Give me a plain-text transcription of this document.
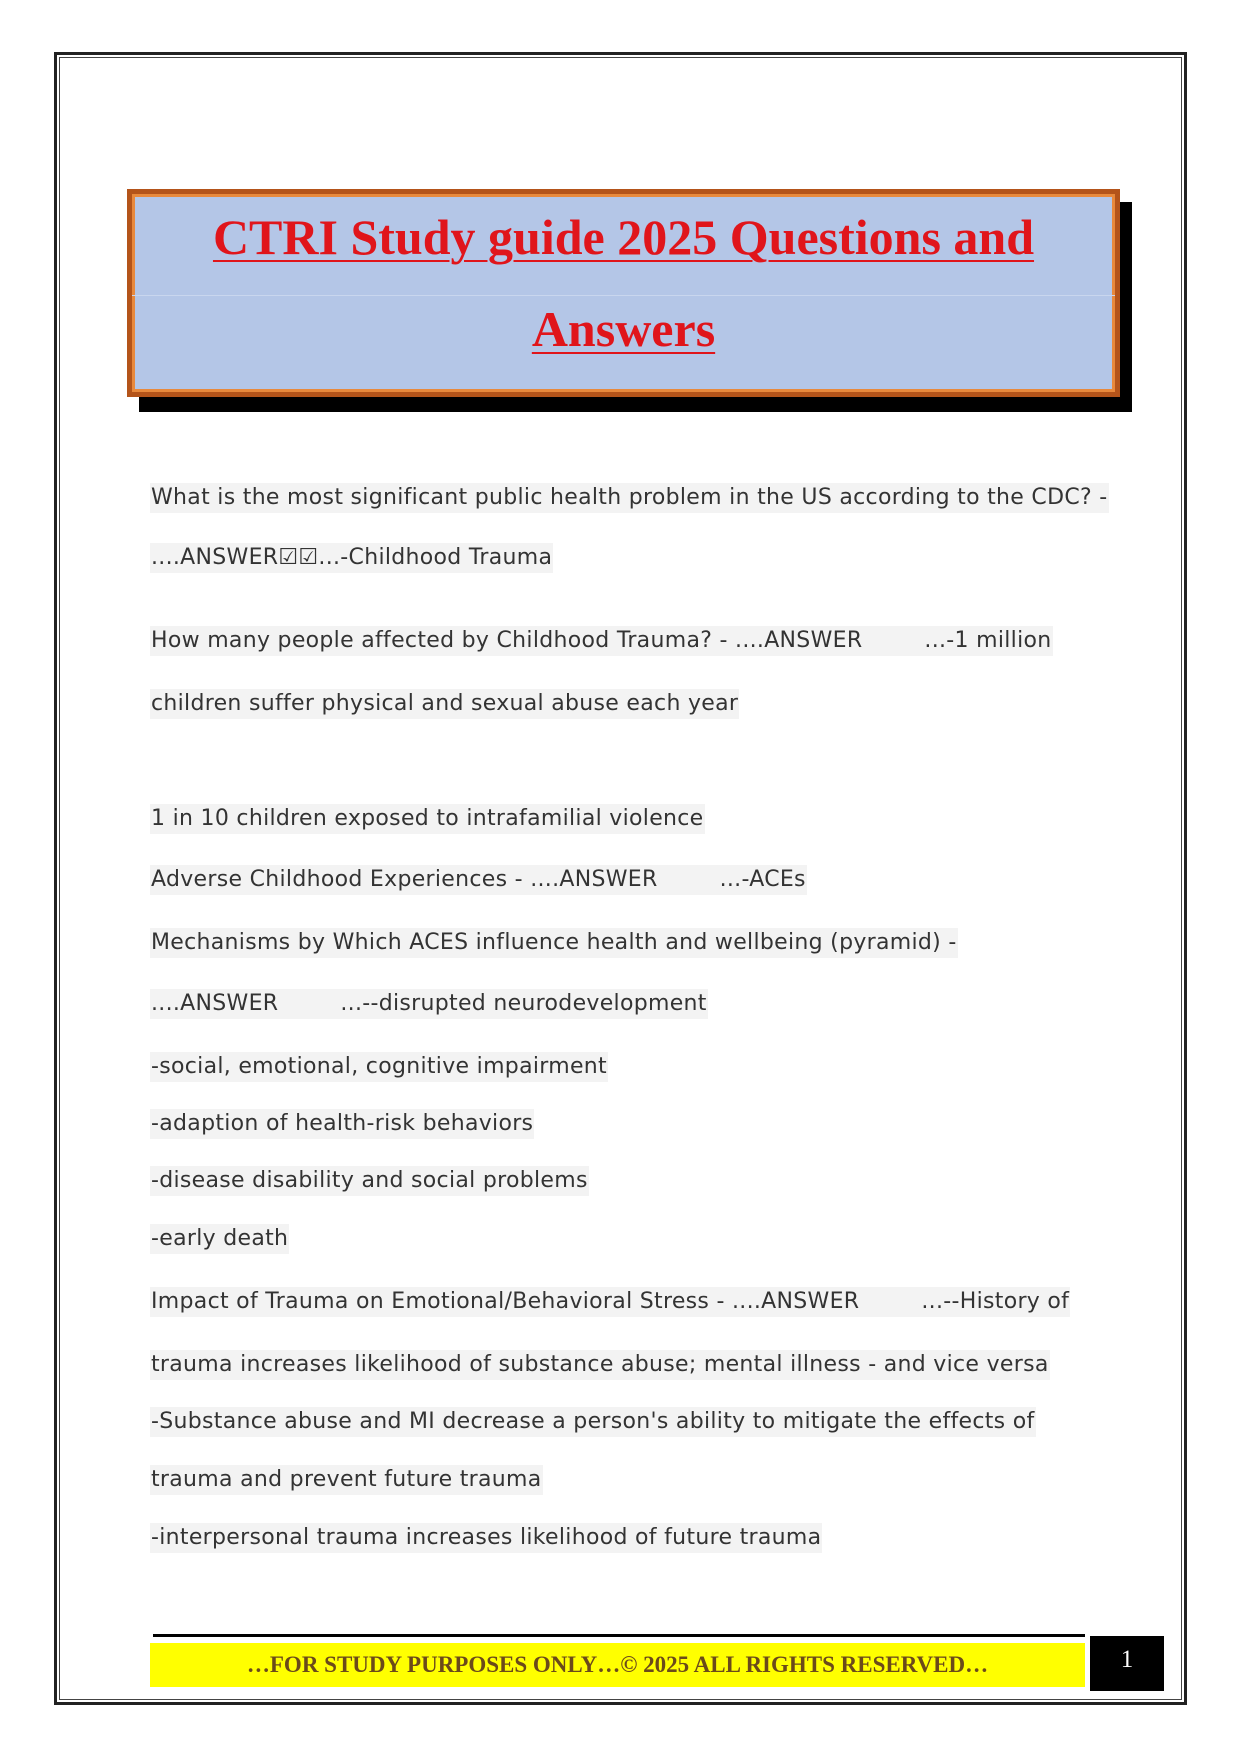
CTRI Study guide 2025 Questions and
Answers
What is the most significant public health problem in the US according to the CDC? -
....ANSWER☑☑...-Childhood Trauma
How many people affected by Childhood Trauma? - ....ANSWER	...-1 million
children suffer physical and sexual abuse each year
1 in 10 children exposed to intrafamilial violence
Adverse Childhood Experiences - ....ANSWER	...-ACEs
Mechanisms by Which ACES influence health and wellbeing (pyramid) -
....ANSWER	...--disrupted neurodevelopment
-social, emotional, cognitive impairment
-adaption of health-risk behaviors
-disease disability and social problems
-early death
Impact of Trauma on Emotional/Behavioral Stress - ....ANSWER	...--History of
trauma increases likelihood of substance abuse; mental illness - and vice versa
-Substance abuse and MI decrease a person's ability to mitigate the effects of
trauma and prevent future trauma
-interpersonal trauma increases likelihood of future trauma
…FOR STUDY PURPOSES ONLY…© 2025 ALL RIGHTS RESERVED…	1
